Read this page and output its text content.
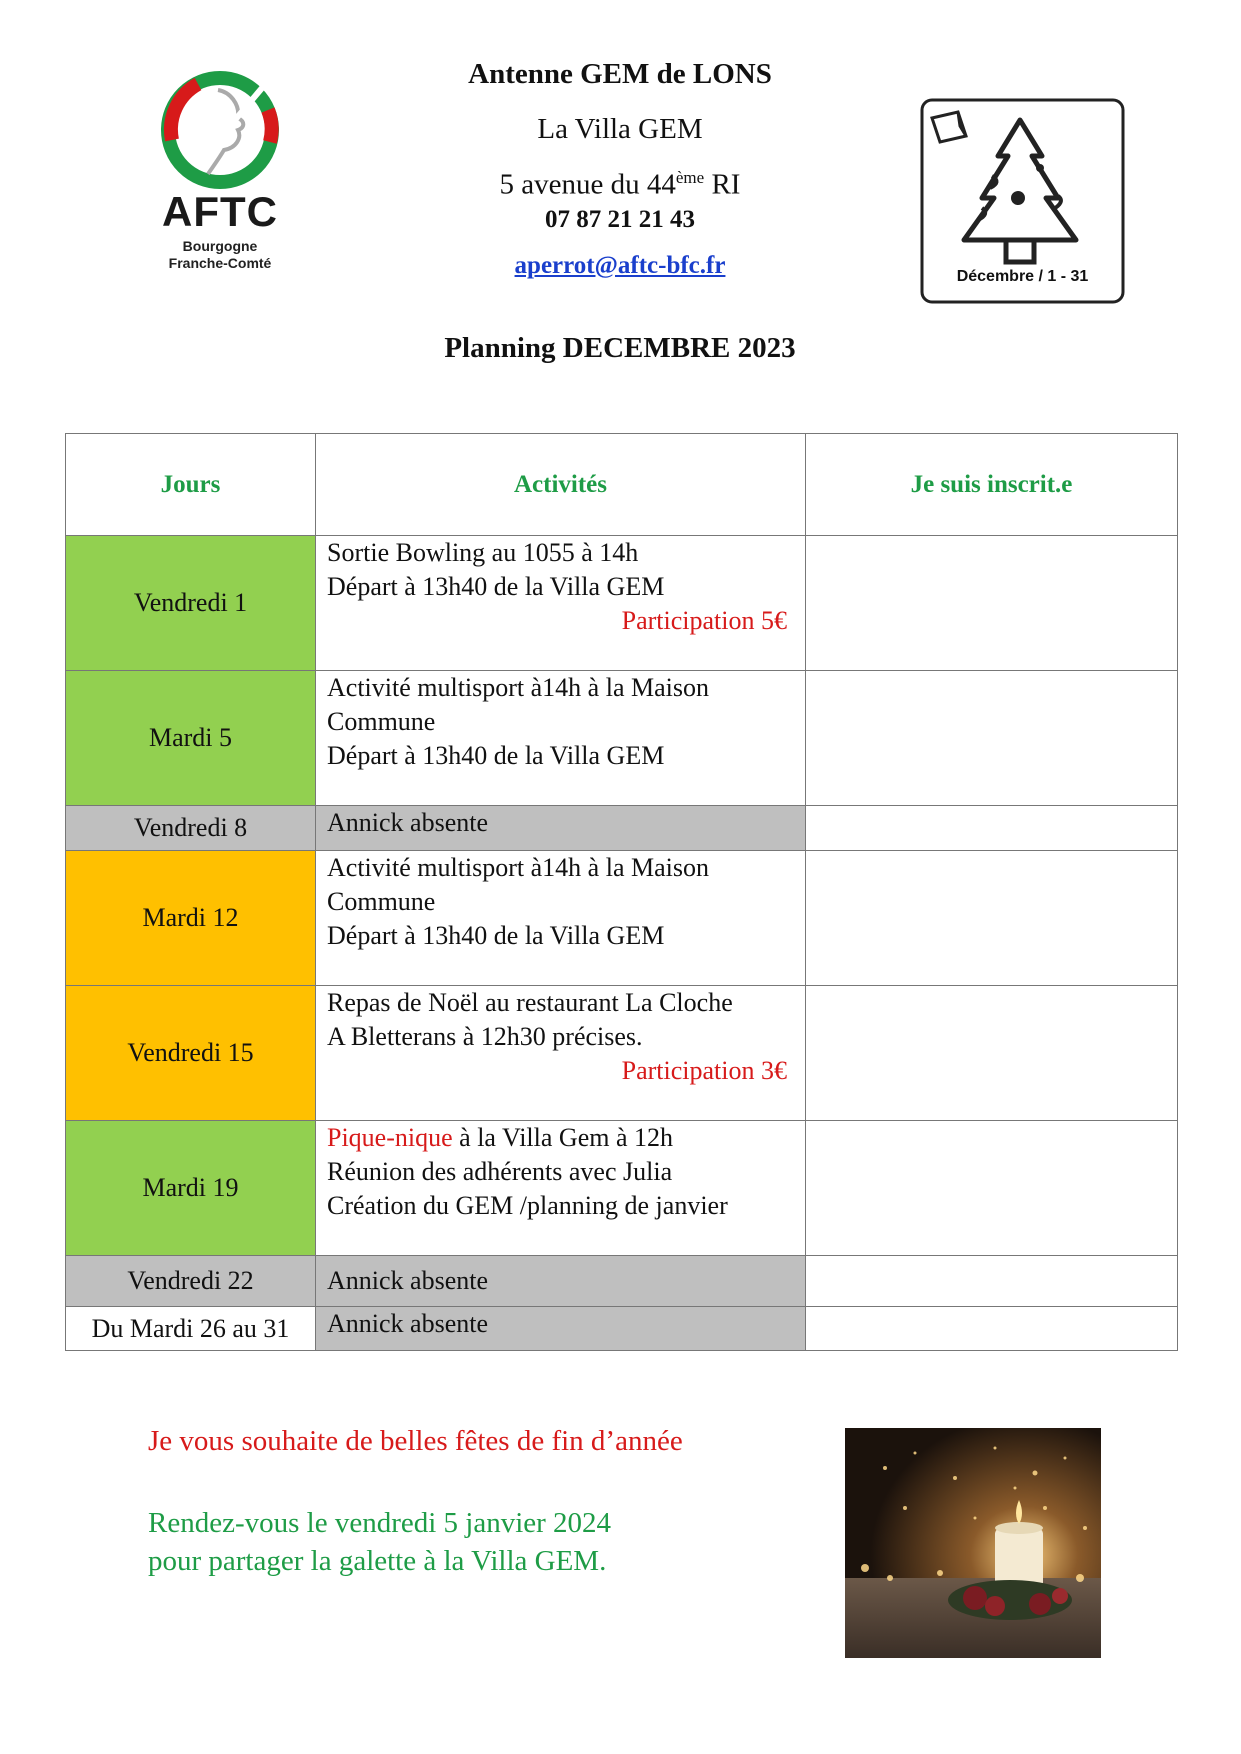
AFTC
Bourgogne
Franche-Comté
Antenne GEM de LONS
La Villa GEM
5 avenue du 44ème RI
07 87 21 21 43
aperrot@aftc-bfc.fr	Décembre / 1 - 31
Planning DECEMBRE 2023
Jours	Activités	Je suis inscrit.e
Vendredi 1	Sortie Bowling au 1055 à 14h
Départ à 13h40 de la Villa GEM
Participation 5€	

Mardi 5	Activité multisport à14h à la Maison Commune
Départ à 13h40 de la Villa GEM	

Vendredi 8	Annick absente	

Mardi 12	Activité multisport à14h à la Maison Commune
Départ à 13h40 de la Villa GEM	

Vendredi 15	Repas de Noël au restaurant La Cloche
A Bletterans à 12h30 précises.
Participation 3€	

Mardi 19	Pique-nique à la Villa Gem à 12h
Réunion des adhérents avec Julia
Création du GEM /planning de janvier	

Vendredi 22	Annick absente	

Du Mardi 26 au 31	Annick absente	

Je vous souhaite de belles fêtes de fin d’année
Rendez-vous le vendredi 5 janvier 2024
pour partager la galette à la Villa GEM.
